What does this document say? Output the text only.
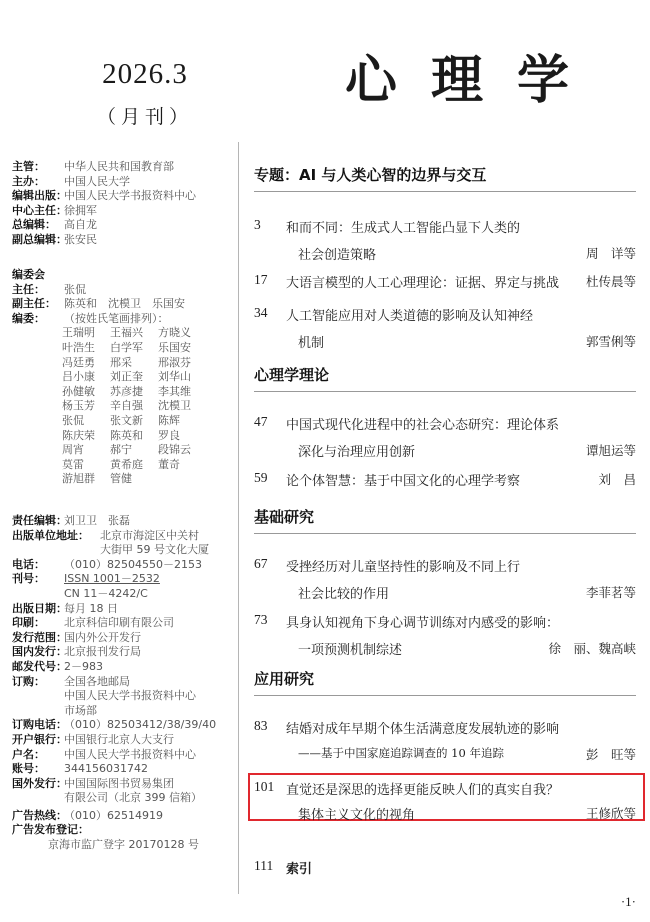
2026.3
（月刊）
心理学
主管：	中华人民共和国教育部
主办：	中国人民大学
编辑出版：
中国人民大学书报资料中心
中心主任：
徐拥军
总编辑： 高自龙
副总编辑：
张安民
编委会
主任：	张侃
副主任： 陈英和　沈模卫　乐国安
编委：	（按姓氏笔画排列）：
王瑞明	王福兴	方晓义
叶浩生	白学军	乐国安
冯廷勇	邢采	邢淑芬
吕小康	刘正奎	刘华山
孙健敏	苏彦捷	李其维
杨玉芳	辛自强	沈模卫
张侃	张文新	陈辉
陈庆荣	陈英和	罗良
周宵	郝宁	段锦云
莫雷	黄希庭	董奇
游旭群	管健
责任编辑：
刘卫卫　张磊
出版单位地址：	北京市海淀区中关村
大街甲 59 号文化大厦
电话：	（010）82504550－2153
刊号：	ISSN 1001－2532
CN 11－4242/C
出版日期：
每月 18 日
印刷：	北京科信印刷有限公司
发行范围：
国内外公开发行
国内发行：
北京报刊发行局
邮发代号：
2－983
订购：	全国各地邮局
中国人民大学书报资料中心
市场部
订购电话：
（010）82503412/38/39/40
开户银行：
中国银行北京人大支行
户名：	中国人民大学书报资料中心
账号：	344156031742
国外发行：
中国国际图书贸易集团
有限公司（北京 399 信箱）
广告热线：
（010）62514919
广告发布登记：
京海市监广登字 20170128 号
专题：AI 与人类心智的边界与交互
3	和而不同：生成式人工智能凸显下人类的
社会创造策略	周　详等
17	大语言模型的人工心理理论：证据、界定与挑战 杜传晨等
34	人工智能应用对人类道德的影响及认知神经
机制	郭雪俐等
心理学理论
47	中国式现代化进程中的社会心态研究：理论体系
深化与治理应用创新	谭旭运等
59	论个体智慧：基于中国文化的心理学考察	刘　昌
基础研究
67	受挫经历对儿童坚持性的影响及不同上行
社会比较的作用	李菲茗等
73	具身认知视角下身心调节训练对内感受的影响：
一项预测机制综述	徐　丽、魏高峡
应用研究
83	结婚对成年早期个体生活满意度发展轨迹的影响
——基于中国家庭追踪调查的 10 年追踪	彭　旺等
101 直觉还是深思的选择更能反映人们的真实自我？
集体主义文化的视角	王修欣等
111 索引
·1·
